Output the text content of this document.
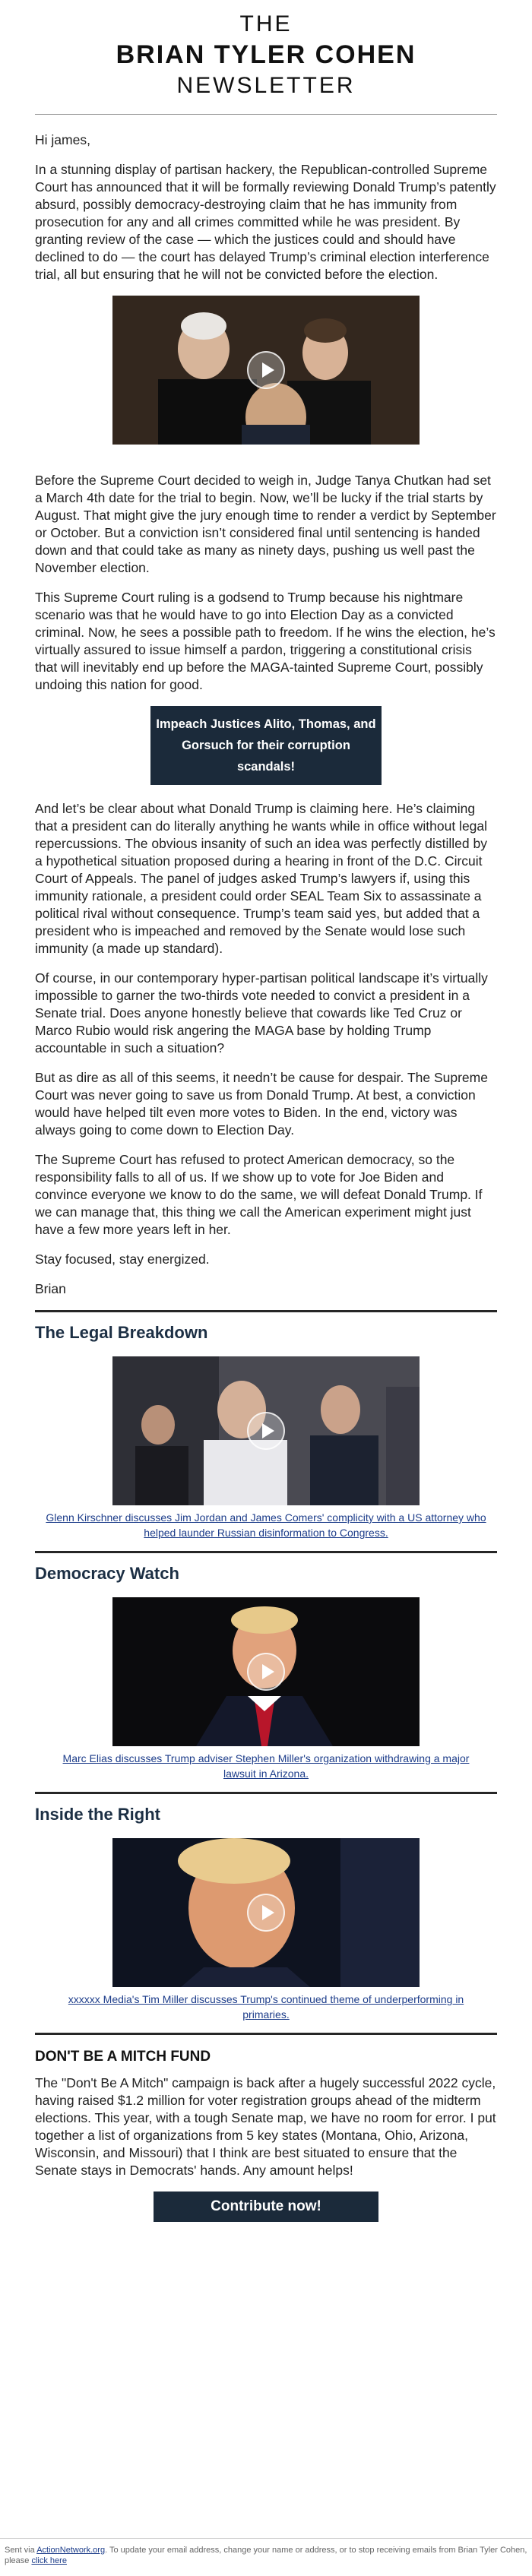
THE
BRIAN TYLER COHEN
NEWSLETTER

Hi james,

In a stunning display of partisan hackery, the Republican-controlled Supreme Court has announced that it will be formally reviewing Donald Trump’s patently absurd, possibly democracy-destroying claim that he has immunity from prosecution for any and all crimes committed while he was president. By granting review of the case — which the justices could and should have declined to do — the court has delayed Trump’s criminal election interference trial, all but ensuring that he will not be convicted before the election.

Before the Supreme Court decided to weigh in, Judge Tanya Chutkan had set a March 4th date for the trial to begin. Now, we’ll be lucky if the trial starts by August. That might give the jury enough time to render a verdict by September or October. But a conviction isn’t considered final until sentencing is handed down and that could take as many as ninety days, pushing us well past the November election.

This Supreme Court ruling is a godsend to Trump because his nightmare scenario was that he would have to go into Election Day as a convicted criminal. Now, he sees a possible path to freedom. If he wins the election, he’s virtually assured to issue himself a pardon, triggering a constitutional crisis that will inevitably end up before the MAGA-tainted Supreme Court, possibly undoing this nation for good.

Impeach Justices Alito, Thomas, and Gorsuch for their corruption scandals!

And let’s be clear about what Donald Trump is claiming here. He’s claiming that a president can do literally anything he wants while in office without legal repercussions. The obvious insanity of such an idea was perfectly distilled by a hypothetical situation proposed during a hearing in front of the D.C. Circuit Court of Appeals. The panel of judges asked Trump’s lawyers if, using this immunity rationale, a president could order SEAL Team Six to assassinate a political rival without consequence. Trump’s team said yes, but added that a president who is impeached and removed by the Senate would lose such immunity (a made up standard).

Of course, in our contemporary hyper-partisan political landscape it’s virtually impossible to garner the two-thirds vote needed to convict a president in a Senate trial. Does anyone honestly believe that cowards like Ted Cruz or Marco Rubio would risk angering the MAGA base by holding Trump accountable in such a situation?

But as dire as all of this seems, it needn’t be cause for despair. The Supreme Court was never going to save us from Donald Trump. At best, a conviction would have helped tilt even more votes to Biden. In the end, victory was always going to come down to Election Day.

The Supreme Court has refused to protect American democracy, so the responsibility falls to all of us. If we show up to vote for Joe Biden and convince everyone we know to do the same, we will defeat Donald Trump. If we can manage that, this thing we call the American experiment might just have a few more years left in her.

Stay focused, stay energized.

Brian

The Legal Breakdown
Glenn Kirschner discusses Jim Jordan and James Comers' complicity with a US attorney who helped launder Russian disinformation to Congress.
Democracy Watch
Marc Elias discusses Trump adviser Stephen Miller's organization withdrawing a major lawsuit in Arizona.
Inside the Right
xxxxxx Media's Tim Miller discusses Trump's continued theme of underperforming in primaries.
DON'T BE A MITCH FUND

The "Don't Be A Mitch" campaign is back after a hugely successful 2022 cycle, having raised $1.2 million for voter registration groups ahead of the midterm elections. This year, with a tough Senate map, we have no room for error. I put together a list of organizations from 5 key states (Montana, Ohio, Arizona, Wisconsin, and Missouri) that I think are best situated to ensure that the Senate stays in Democrats' hands. Any amount helps!

Contribute now!
Sent via ActionNetwork.org. To update your email address, change your name or address, or to stop receiving emails from Brian Tyler Cohen, please click here
